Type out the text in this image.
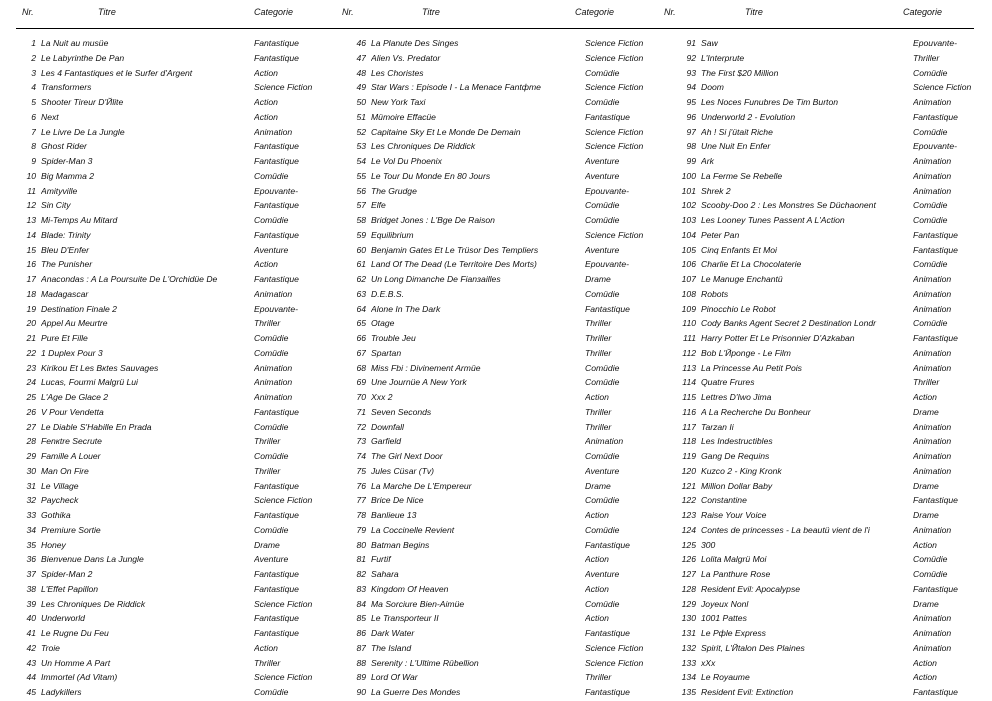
Nr.	Titre	Categorie	Nr.	Titre	Categorie	Nr.	Titre	Categorie
1 La Nuit au musüe	Fantastique
2 Le Labyrinthe De Pan	Fantastique
3 Les 4 Fantastiques et le Surfer d'Argent	Action
4 Transformers	Science Fiction
5 Shooter Tireur D'Йlite	Action
6 Next	Action
7 Le Livre De La Jungle	Animation
8 Ghost Rider	Fantastique
9 Spider-Man 3	Fantastique
10 Big Mamma 2	Comüdie
11 Amityville	Epouvante-
12 Sin City	Fantastique
13 Mi-Temps Au Mitard	Comüdie
14 Blade: Trinity	Fantastique
15 Bleu D'Enfer	Aventure
16 The Punisher	Action
17 Anacondas : A La Poursuite De L'Orchidüe De	Fantastique
18 Madagascar	Animation
19 Destination Finale 2	Epouvante-
20 Appel Au Meurtre	Thriller
21 Pure Et Fille	Comüdie
22 1 Duplex Pour 3	Comüdie
23 Kirikou Et Les Bкtes Sauvages	Animation
24 Lucas, Fourmi Malgrü Lui	Animation
25 L'Age De Glace 2	Animation
26 V Pour Vendetta	Fantastique
27 Le Diable S'Habille En Prada	Comüdie
28 Fenкtre Secrute	Thriller
29 Famille A Louer	Comüdie
30 Man On Fire	Thriller
31 Le Village	Fantastique
32 Paycheck	Science Fiction
33 Gothika	Fantastique
34 Premiure Sortie	Comüdie
35 Honey	Drame
36 Bienvenue Dans La Jungle	Aventure
37 Spider-Man 2	Fantastique
38 L'Effet Papillon	Fantastique
39 Les Chroniques De Riddick	Science Fiction
40 Underworld	Fantastique
41 Le Rugne Du Feu	Fantastique
42 Troie	Action
43 Un Homme A Part	Thriller
44 Immortel (Ad Vitam)	Science Fiction
45 Ladykillers	Comüdie
46 La Planute Des Singes	Science Fiction
47 Alien Vs. Predator	Science Fiction
48 Les Choristes	Comüdie
49 Star Wars : Episode I - La Menace Fantфme	Science Fiction
50 New York Taxi	Comüdie
51 Mümoire Effacüe	Fantastique
52 Capitaine Sky Et Le Monde De Demain	Science Fiction
53 Les Chroniques De Riddick	Science Fiction
54 Le Vol Du Phoenix	Aventure
55 Le Tour Du Monde En 80 Jours	Aventure
56 The Grudge	Epouvante-
57 Elfe	Comüdie
58 Bridget Jones : L'Вge De Raison	Comüdie
59 Equilibrium	Science Fiction
60 Benjamin Gates Et Le Trüsor Des Templiers	Aventure
61 Land Of The Dead (Le Territoire Des Morts)	Epouvante-
62 Un Long Dimanche De Fianзailles	Drame
63 D.E.B.S.	Comüdie
64 Alone In The Dark	Fantastique
65 Otage	Thriller
66 Trouble Jeu	Thriller
67 Spartan	Thriller
68 Miss Fbi : Divinement Armüe	Comüdie
69 Une Journüe A New York	Comüdie
70 Xxx 2	Action
71 Seven Seconds	Thriller
72 Downfall	Thriller
73 Garfield	Animation
74 The Girl Next Door	Comüdie
75 Jules Cüsar (Tv)	Aventure
76 La Marche De L'Empereur	Drame
77 Brice De Nice	Comüdie
78 Banlieue 13	Action
79 La Coccinelle Revient	Comüdie
80 Batman Begins	Fantastique
81 Furtif	Action
82 Sahara	Aventure
83 Kingdom Of Heaven	Action
84 Ma Sorciure Bien-Aimüe	Comüdie
85 Le Transporteur II	Action
86 Dark Water	Fantastique
87 The Island	Science Fiction
88 Serenity : L'Ultime Rübellion	Science Fiction
89 Lord Of War	Thriller
90 La Guerre Des Mondes	Fantastique
91 Saw	Epouvante-
92 L'Interprute	Thriller
93 The First $20 Million	Comüdie
94 Doom	Science Fiction
95 Les Noces Funubres De Tim Burton	Animation
96 Underworld 2 - Evolution	Fantastique
97 Ah ! Si j'ütait Riche	Comüdie
98 Une Nuit En Enfer	Epouvante-
99 Ark	Animation
100 La Ferme Se Rebelle	Animation
101 Shrek 2	Animation
102 Scooby-Doo 2 : Les Monstres Se Düchaonent	Comüdie
103 Les Looney Tunes Passent A L'Action	Comüdie
104 Peter Pan	Fantastique
105 Cinq Enfants Et Moi	Fantastique
106 Charlie Et La Chocolaterie	Comüdie
107 Le Manuge Enchantü	Animation
108 Robots	Animation
109 Pinocchio Le Robot	Animation
110 Cody Banks Agent Secret 2 Destination Londr	Comüdie
111 Harry Potter Et Le Prisonnier D'Azkaban	Fantastique
112 Bob L'Йponge - Le Film	Animation
113 La Princesse Au Petit Pois	Animation
114 Quatre Frures	Thriller
115 Lettres D'Iwo Jima	Action
116 A La Recherche Du Bonheur	Drame
117 Tarzan Ii	Animation
118 Les Indestructibles	Animation
119 Gang De Requins	Animation
120 Kuzco 2 - King Kronk	Animation
121 Million Dollar Baby	Drame
122 Constantine	Fantastique
123 Raise Your Voice	Drame
124 Contes de princesses - La beautü vient de l'i	Animation
125 300	Action
126 Lolita Malgrü Moi	Comüdie
127 La Panthure Rose	Comüdie
128 Resident Evil: Apocalypse	Fantastique
129 Joyeux Nonl	Drame
130 1001 Pattes	Animation
131 Le Pфle Express	Animation
132 Spirit, L'Йtalon Des Plaines	Animation
133 xXx	Action
134 Le Royaume	Action
135 Resident Evil: Extinction	Fantastique
